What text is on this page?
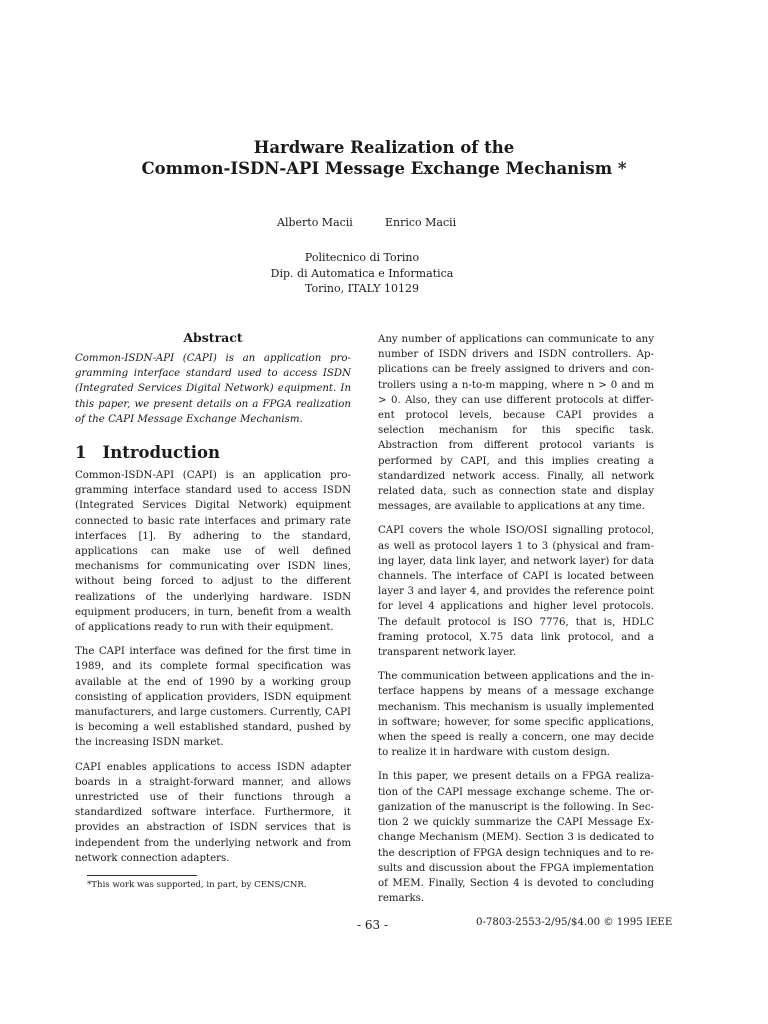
Hardware Realization of the
Common-ISDN-API Message Exchange Mechanism *
Alberto Macii	Enrico Macii
Politecnico di Torino
Dip. di Automatica e Informatica
Torino, ITALY 10129
Abstract

Common-ISDN-API (CAPI) is an application programming interface standard used to access ISDN (Integrated Services Digital Network) equipment. In this paper, we present details on a FPGA realization of the CAPI Message Exchange Mechanism.

1 Introduction

Common-ISDN-API (CAPI) is an application programming interface standard used to access ISDN (Integrated Services Digital Network) equipment connected to basic rate interfaces and primary rate interfaces [1]. By adhering to the standard, applications can make use of well defined mechanisms for communicating over ISDN lines, without being forced to adjust to the different realizations of the underlying hardware. ISDN equipment producers, in turn, benefit from a wealth of applications ready to run with their equipment.

The CAPI interface was defined for the first time in 1989, and its complete formal specification was available at the end of 1990 by a working group consisting of application providers, ISDN equipment manufacturers, and large customers. Currently, CAPI is becoming a well established standard, pushed by the increasing ISDN market.

CAPI enables applications to access ISDN adapter boards in a straight-forward manner, and allows unrestricted use of their functions through a standardized software interface. Furthermore, it provides an abstraction of ISDN services that is independent from the underlying network and from network connection adapters.

*This work was supported, in part, by CENS/CNR.

Any number of applications can communicate to any number of ISDN drivers and ISDN controllers. Applications can be freely assigned to drivers and controllers using a n-to-m mapping, where n > 0 and m > 0. Also, they can use different protocols at different protocol levels, because CAPI provides a selection mechanism for this specific task. Abstraction from different protocol variants is performed by CAPI, and this implies creating a standardized network access. Finally, all network related data, such as connection state and display messages, are available to applications at any time.

CAPI covers the whole ISO/OSI signalling protocol, as well as protocol layers 1 to 3 (physical and framing layer, data link layer, and network layer) for data channels. The interface of CAPI is located between layer 3 and layer 4, and provides the reference point for level 4 applications and higher level protocols. The default protocol is ISO 7776, that is, HDLC framing protocol, X.75 data link protocol, and a transparent network layer.

The communication between applications and the interface happens by means of a message exchange mechanism. This mechanism is usually implemented in software; however, for some specific applications, when the speed is really a concern, one may decide to realize it in hardware with custom design.

In this paper, we present details on a FPGA realization of the CAPI message exchange scheme. The organization of the manuscript is the following. In Section 2 we quickly summarize the CAPI Message Exchange Mechanism (MEM). Section 3 is dedicated to the description of FPGA design techniques and to results and discussion about the FPGA implementation of MEM. Finally, Section 4 is devoted to concluding remarks.

- 63 -	0-7803-2553-2/95/$4.00 © 1995 IEEE
